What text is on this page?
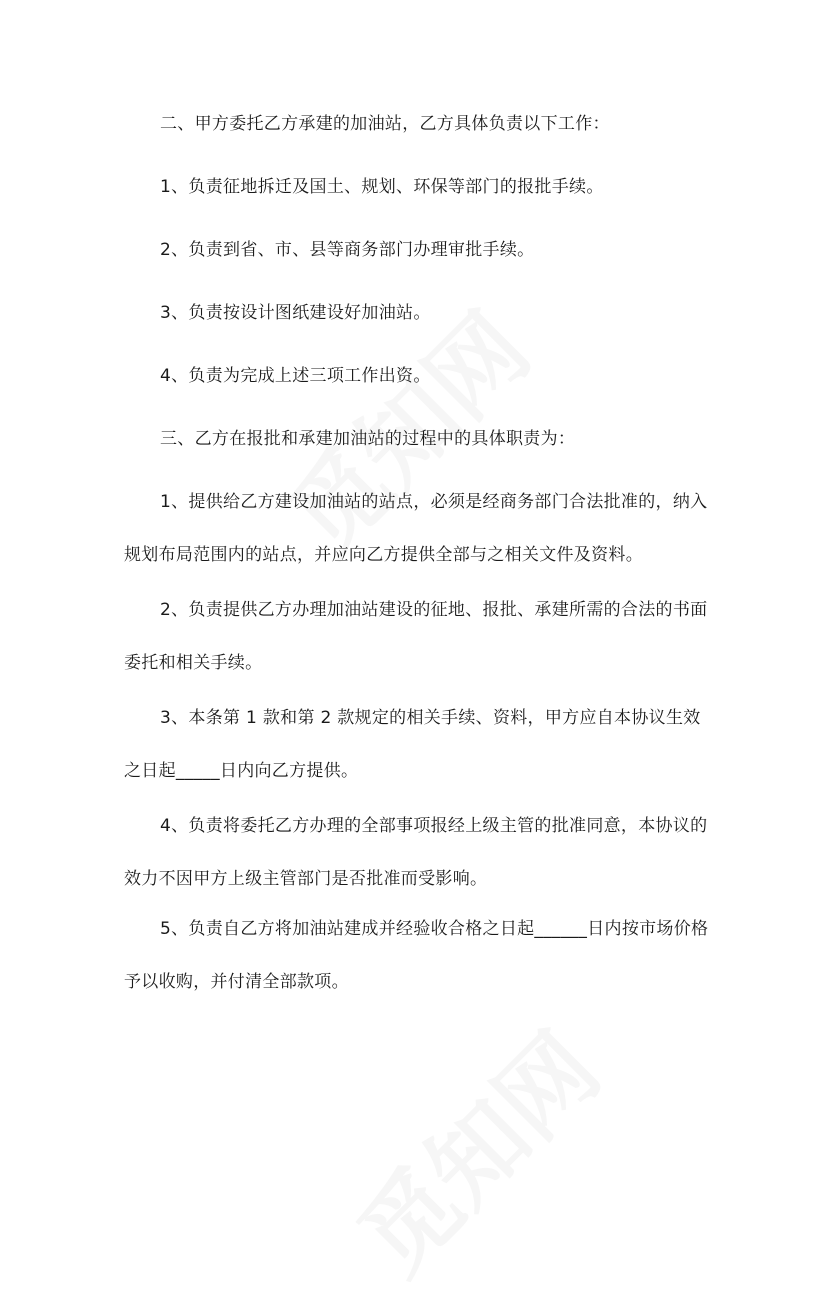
二、甲方委托乙方承建的加油站，乙方具体负责以下工作：

1、负责征地拆迁及国土、规划、环保等部门的报批手续。

2、负责到省、市、县等商务部门办理审批手续。

3、负责按设计图纸建设好加油站。

4、负责为完成上述三项工作出资。

三、乙方在报批和承建加油站的过程中的具体职责为：

1、提供给乙方建设加油站的站点，必须是经商务部门合法批准的，纳入规划布局范围内的站点，并应向乙方提供全部与之相关文件及资料。

2、负责提供乙方办理加油站建设的征地、报批、承建所需的合法的书面委托和相关手续。

3、本条第 1 款和第 2 款规定的相关手续、资料，甲方应自本协议生效之日起_____日内向乙方提供。

4、负责将委托乙方办理的全部事项报经上级主管的批准同意，本协议的效力不因甲方上级主管部门是否批准而受影响。

5、负责自乙方将加油站建成并经验收合格之日起______日内按市场价格予以收购，并付清全部款项。
